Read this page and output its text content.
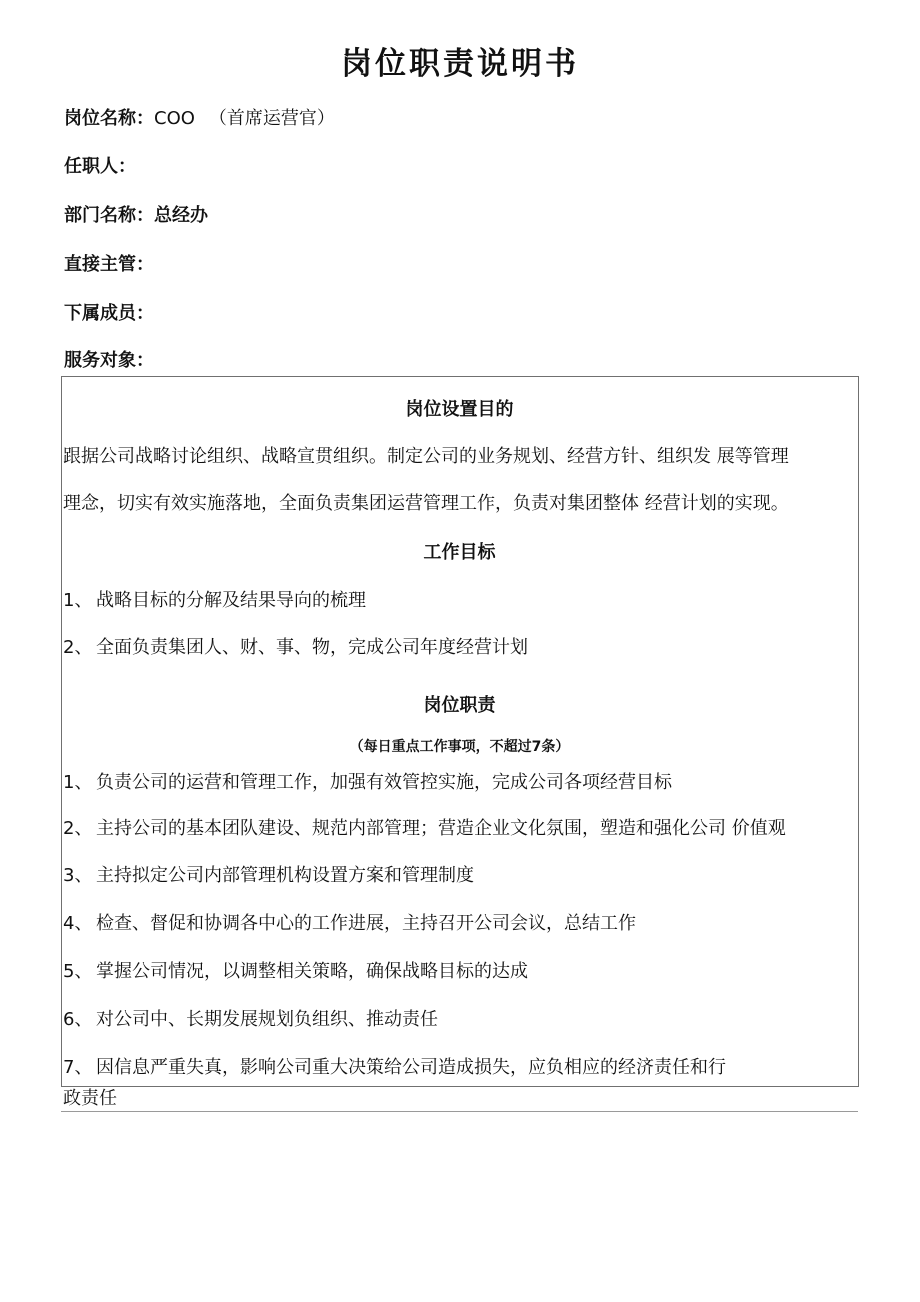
岗位职责说明书
岗位名称：COO （首席运营官）
任职人：
部门名称：总经办
直接主管：
下属成员：
服务对象：
岗位设置目的
跟据公司战略讨论组织、战略宣贯组织。制定公司的业务规划、经营方针、组织发 展等管理
理念，切实有效实施落地，全面负责集团运营管理工作，负责对集团整体 经营计划的实现。
工作目标
1、 战略目标的分解及结果导向的梳理
2、 全面负责集团人、财、事、物，完成公司年度经营计划
岗位职责
（每日重点工作事项，不超过7条）
1、 负责公司的运营和管理工作，加强有效管控实施，完成公司各项经营目标
2、 主持公司的基本团队建设、规范内部管理；营造企业文化氛围，塑造和强化公司 价值观
3、 主持拟定公司内部管理机构设置方案和管理制度
4、 检查、督促和协调各中心的工作进展，主持召开公司会议，总结工作
5、 掌握公司情况，以调整相关策略，确保战略目标的达成
6、 对公司中、长期发展规划负组织、推动责任
7、 因信息严重失真，影响公司重大决策给公司造成损失，应负相应的经济责任和行
政责任
